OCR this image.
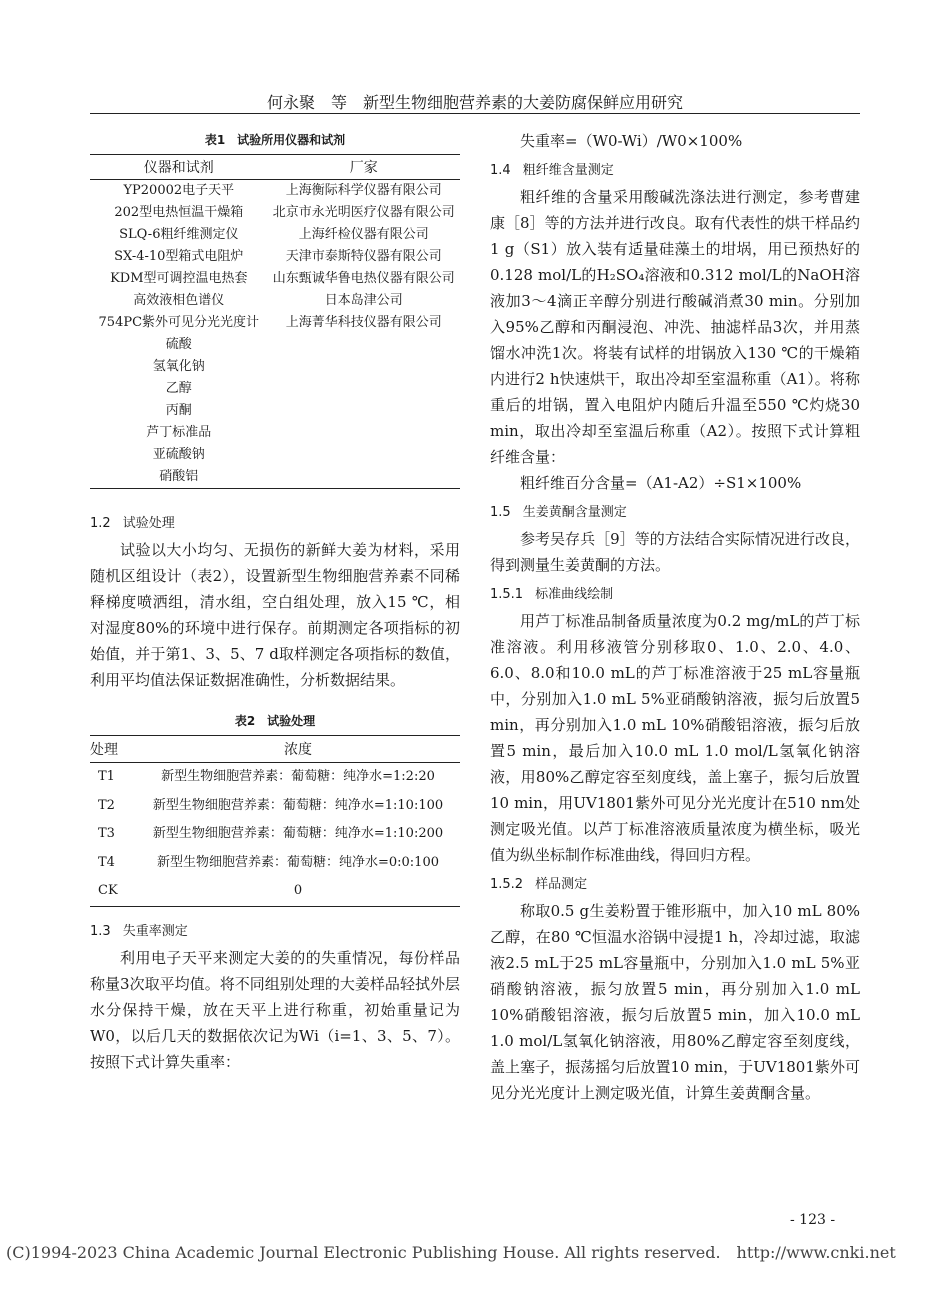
何永聚　等　新型生物细胞营养素的大姜防腐保鲜应用研究
表1　试验所用仪器和试剂
仪器和试剂	厂家
YP20002电子天平	上海衡际科学仪器有限公司
202型电热恒温干燥箱	北京市永光明医疗仪器有限公司
SLQ-6粗纤维测定仪	上海纤检仪器有限公司
SX-4-10型箱式电阻炉	天津市泰斯特仪器有限公司
KDM型可调控温电热套	山东甄诚华鲁电热仪器有限公司
高效液相色谱仪	日本岛津公司
754PC紫外可见分光光度计	上海菁华科技仪器有限公司
硫酸	
氢氧化钠	
乙醇	
丙酮	
芦丁标准品	
亚硫酸钠	
硝酸铝	
1.2 试验处理

试验以大小均匀、无损伤的新鲜大姜为材料，采用随机区组设计（表2），设置新型生物细胞营养素不同稀释梯度喷洒组，清水组，空白组处理，放入15 ℃，相对湿度80%的环境中进行保存。前期测定各项指标的初始值，并于第1、3、5、7 d取样测定各项指标的数值，利用平均值法保证数据准确性，分析数据结果。

表2　试验处理
处理	浓度
T1	新型生物细胞营养素：葡萄糖：纯净水=1:2:20
T2	新型生物细胞营养素：葡萄糖：纯净水=1:10:100
T3	新型生物细胞营养素：葡萄糖：纯净水=1:10:200
T4	新型生物细胞营养素：葡萄糖：纯净水=0:0:100
CK	0
1.3 失重率测定

利用电子天平来测定大姜的的失重情况，每份样品称量3次取平均值。将不同组别处理的大姜样品轻拭外层水分保持干燥，放在天平上进行称重，初始重量记为W0，以后几天的数据依次记为Wi（i=1、3、5、7）。按照下式计算失重率：

失重率=（W0-Wi）/W0×100%

1.4 粗纤维含量测定

粗纤维的含量采用酸碱洗涤法进行测定，参考曹建康［8］等的方法并进行改良。取有代表性的烘干样品约1 g（S1）放入装有适量硅藻土的坩埚，用已预热好的0.128 mol/L的H₂SO₄溶液和0.312 mol/L的NaOH溶液加3～4滴正辛醇分别进行酸碱消煮30 min。分别加入95%乙醇和丙酮浸泡、冲洗、抽滤样品3次，并用蒸馏水冲洗1次。将装有试样的坩锅放入130 ℃的干燥箱内进行2 h快速烘干，取出冷却至室温称重（A1）。将称重后的坩锅，置入电阻炉内随后升温至550 ℃灼烧30 min，取出冷却至室温后称重（A2）。按照下式计算粗纤维含量：

粗纤维百分含量=（A1-A2）÷S1×100%

1.5 生姜黄酮含量测定

参考吴存兵［9］等的方法结合实际情况进行改良，得到测量生姜黄酮的方法。

1.5.1 标准曲线绘制

用芦丁标准品制备质量浓度为0.2 mg/mL的芦丁标准溶液。利用移液管分别移取0、1.0、2.0、4.0、6.0、8.0和10.0 mL的芦丁标准溶液于25 mL容量瓶中，分别加入1.0 mL 5%亚硝酸钠溶液，振匀后放置5 min，再分别加入1.0 mL 10%硝酸铝溶液，振匀后放置5 min，最后加入10.0 mL 1.0 mol/L氢氧化钠溶液，用80%乙醇定容至刻度线，盖上塞子，振匀后放置10 min，用UV1801紫外可见分光光度计在510 nm处测定吸光值。以芦丁标准溶液质量浓度为横坐标，吸光值为纵坐标制作标准曲线，得回归方程。

1.5.2 样品测定

称取0.5 g生姜粉置于锥形瓶中，加入10 mL 80%乙醇，在80 ℃恒温水浴锅中浸提1 h，冷却过滤，取滤液2.5 mL于25 mL容量瓶中，分别加入1.0 mL 5%亚硝酸钠溶液，振匀放置5 min，再分别加入1.0 mL 10%硝酸铝溶液，振匀后放置5 min，加入10.0 mL 1.0 mol/L氢氧化钠溶液，用80%乙醇定容至刻度线，盖上塞子，振荡摇匀后放置10 min，于UV1801紫外可见分光光度计上测定吸光值，计算生姜黄酮含量。

- 123 -
(C)1994-2023 China Academic Journal Electronic Publishing House. All rights reserved.　http://www.cnki.net
